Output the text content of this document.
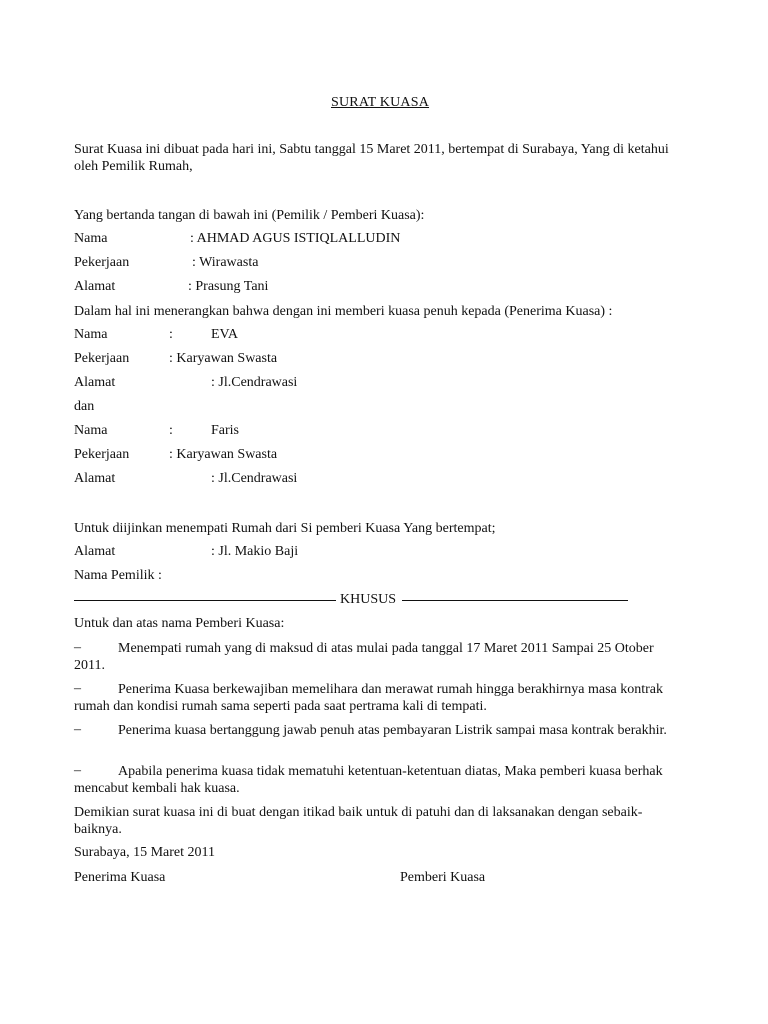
SURAT KUASA
Surat Kuasa ini dibuat pada hari ini, Sabtu tanggal 15 Maret 2011, bertempat di Surabaya, Yang di ketahui oleh Pemilik Rumah,
Yang bertanda tangan di bawah ini (Pemilik / Pemberi Kuasa):
Nama	: AHMAD AGUS ISTIQLALLUDIN
Pekerjaan	: Wirawasta
Alamat	: Prasung Tani
Dalam hal ini menerangkan bahwa dengan ini memberi kuasa penuh kepada (Penerima Kuasa) :
Nama	:	EVA
Pekerjaan	: Karyawan Swasta
Alamat	: Jl.Cendrawasi
dan
Nama	:	Faris
Pekerjaan	: Karyawan Swasta
Alamat	: Jl.Cendrawasi
Untuk diijinkan menempati Rumah dari Si pemberi Kuasa Yang bertempat;
Alamat	: Jl. Makio Baji
Nama Pemilik :
KHUSUS
Untuk dan atas nama Pemberi Kuasa:
–	Menempati rumah yang di maksud di atas mulai pada tanggal 17 Maret 2011 Sampai 25 Otober 2011.
–	Penerima Kuasa berkewajiban memelihara dan merawat rumah hingga berakhirnya masa kontrak rumah dan kondisi rumah sama seperti pada saat pertrama kali di tempati.
–	Penerima kuasa bertanggung jawab penuh atas pembayaran Listrik sampai masa kontrak berakhir.
–	Apabila penerima kuasa tidak mematuhi ketentuan-ketentuan diatas, Maka pemberi kuasa berhak mencabut kembali hak kuasa.
Demikian surat kuasa ini di buat dengan itikad baik untuk di patuhi dan di laksanakan dengan sebaik-baiknya.
Surabaya, 15 Maret 2011
Penerima Kuasa	Pemberi Kuasa
